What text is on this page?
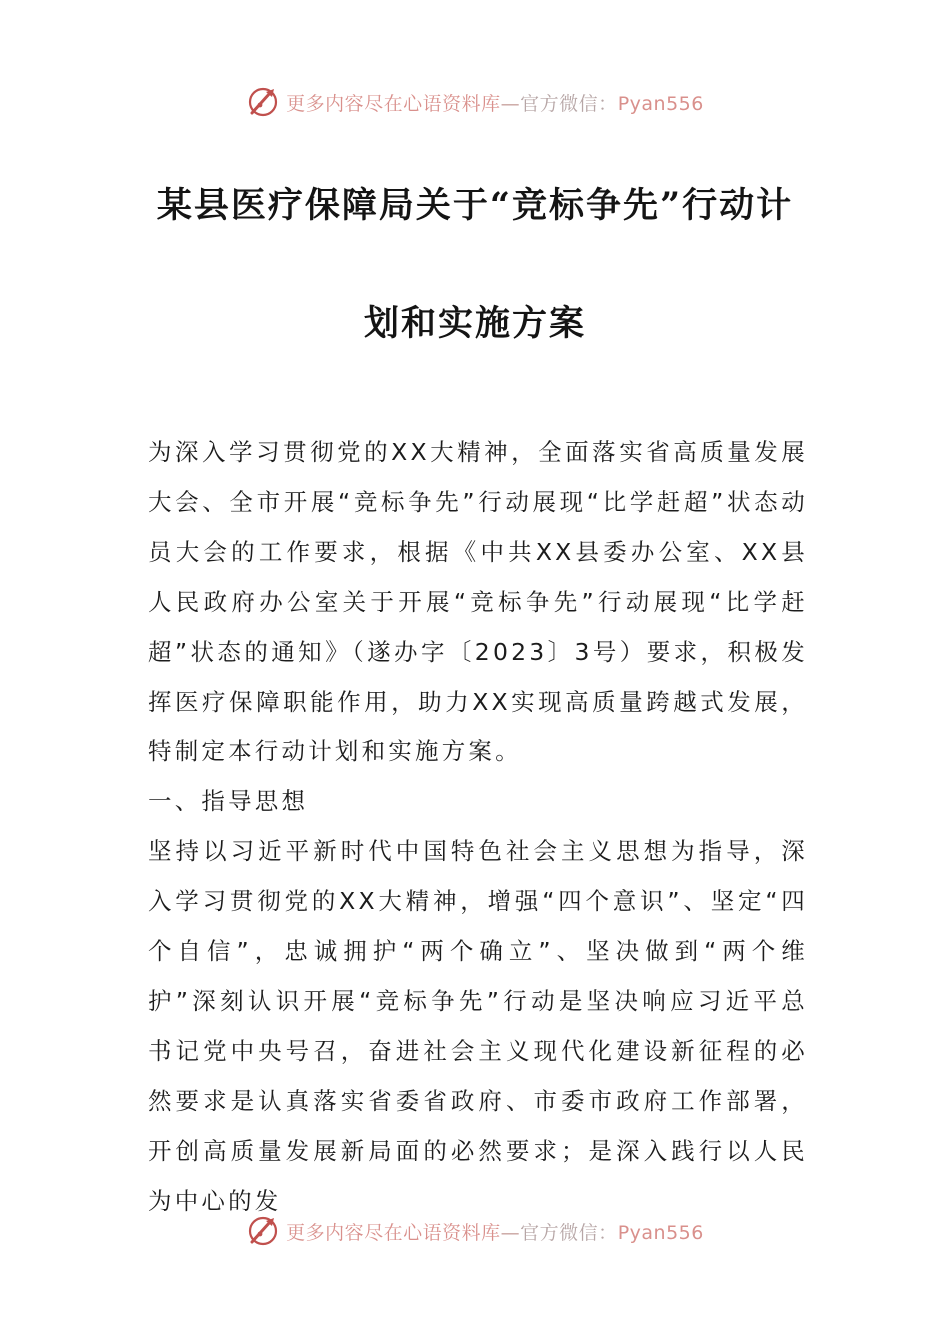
更多内容尽在心语资料库—官方微信：Pyan556
某县医疗保障局关于“竞标争先”行动计
划和实施方案

为深入学习贯彻党的XX大精神，全面落实省高质量发展大会、全市开展“竞标争先”行动展现“比学赶超”状态动员大会的工作要求，根据《中共XX县委办公室、XX县人民政府办公室关于开展“竞标争先”行动展现“比学赶超”状态的通知》（遂办字〔2023〕3号）要求，积极发挥医疗保障职能作用，助力XX实现高质量跨越式发展，特制定本行动计划和实施方案。

一、指导思想

坚持以习近平新时代中国特色社会主义思想为指导，深入学习贯彻党的XX大精神，增强“四个意识”、坚定“四个自信”，忠诚拥护“两个确立”、坚决做到“两个维护”深刻认识开展“竞标争先”行动是坚决响应习近平总书记党中央号召，奋进社会主义现代化建设新征程的必然要求是认真落实省委省政府、市委市政府工作部署，开创高质量发展新局面的必然要求；是深入践行以人民为中心的发

更多内容尽在心语资料库—官方微信：Pyan556
